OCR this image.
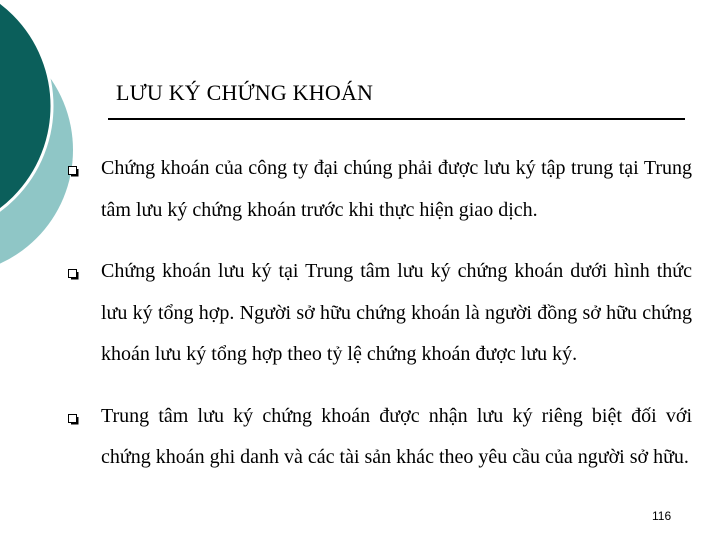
LƯU KÝ CHỨNG KHOÁN

Chứng khoán của công ty đại chúng phải được lưu ký tập trung tại Trung tâm lưu ký chứng khoán trước khi thực hiện giao dịch.

Chứng khoán lưu ký tại Trung tâm lưu ký chứng khoán dưới hình thức lưu ký tổng hợp. Người sở hữu chứng khoán là người đồng sở hữu chứng khoán lưu ký tổng hợp theo tỷ lệ chứng khoán được lưu ký.

Trung tâm lưu ký chứng khoán được nhận lưu ký riêng biệt đối với chứng khoán ghi danh và các tài sản khác theo yêu cầu của người sở hữu.

116
